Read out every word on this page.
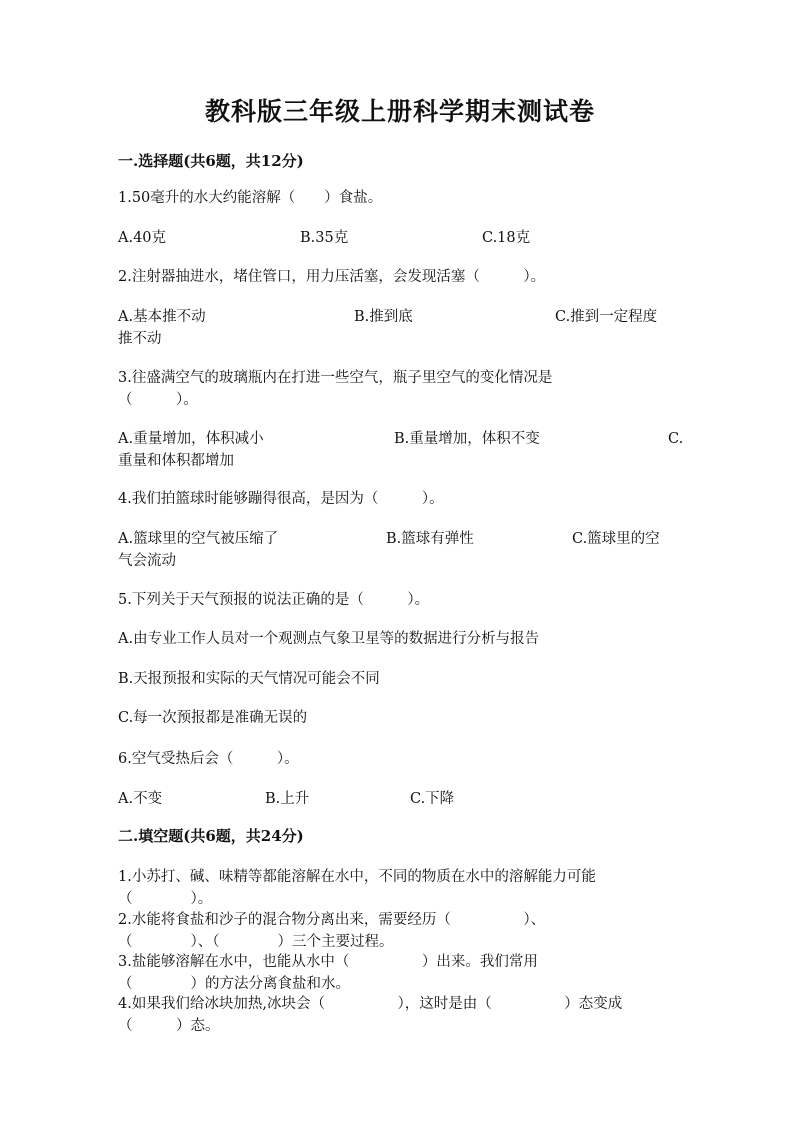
教科版三年级上册科学期末测试卷
一.选择题(共6题，共12分)
1.50毫升的水大约能溶解（　　）食盐。
A.40克	B.35克	C.18克
2.注射器抽进水，堵住管口，用力压活塞，会发现活塞（　　　）。
A.基本推不动	B.推到底	C.推到一定程度
推不动
3.往盛满空气的玻璃瓶内在打进一些空气，瓶子里空气的变化情况是
（　　　）。
A.重量增加，体积减小	B.重量增加，体积不变	C.
重量和体积都增加
4.我们拍篮球时能够蹦得很高，是因为（　　　）。
A.篮球里的空气被压缩了	B.篮球有弹性	C.篮球里的空
气会流动
5.下列关于天气预报的说法正确的是（　　　）。
A.由专业工作人员对一个观测点气象卫星等的数据进行分析与报告
B.天报预报和实际的天气情况可能会不同
C.每一次预报都是准确无误的
6.空气受热后会（　　　）。
A.不变	B.上升	C.下降
二.填空题(共6题，共24分)
1.小苏打、碱、味精等都能溶解在水中，不同的物质在水中的溶解能力可能
（　　　　）。
2.水能将食盐和沙子的混合物分离出来，需要经历（　　　　　）、
（　　　　）、（　　　　）三个主要过程。
3.盐能够溶解在水中，也能从水中（　　　　　）出来。我们常用
（　　　　）的方法分离食盐和水。
4.如果我们给冰块加热,冰块会（　　　　　），这时是由（　　　　　）态变成
（　　　）态。
